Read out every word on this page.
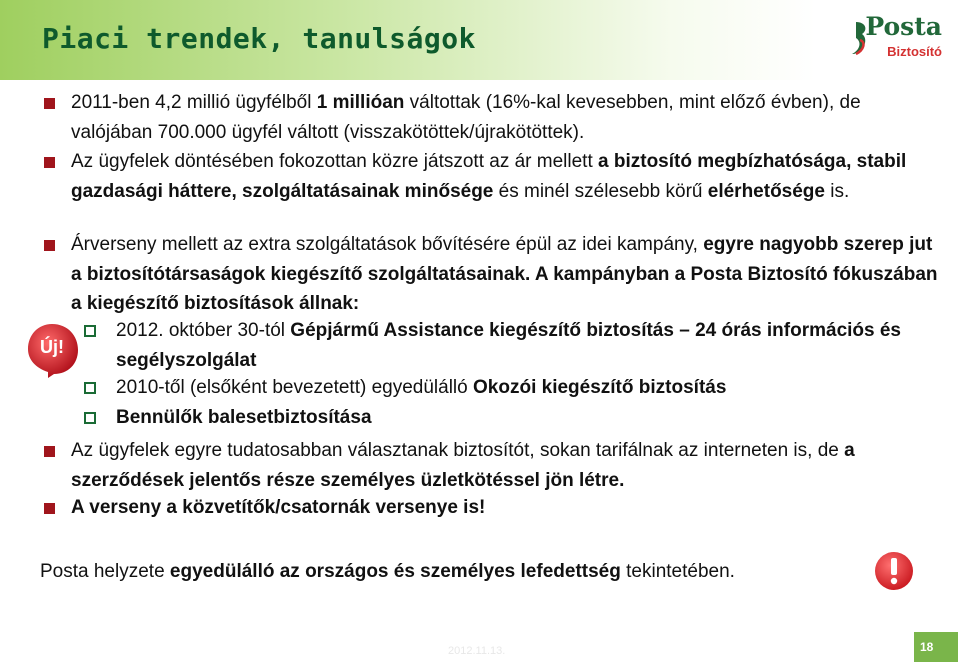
Piaci trendek, tanulságok	Posta
Biztosító
2011-ben 4,2 millió ügyfélből 1 millióan váltottak (16%-kal kevesebben, mint előző évben), de valójában 700.000 ügyfél váltott (visszakötöttek/újrakötöttek).
Az ügyfelek döntésében fokozottan közre játszott az ár mellett a biztosító megbízhatósága, stabil gazdasági háttere, szolgáltatásainak minősége és minél szélesebb körű elérhetősége is.
Árverseny mellett az extra szolgáltatások bővítésére épül az idei kampány, egyre nagyobb szerep jut a biztosítótársaságok kiegészítő szolgáltatásainak. A kampányban a Posta Biztosító fókuszában a kiegészítő biztosítások állnak:
2012. október 30-tól Gépjármű Assistance kiegészítő biztosítás – 24 órás információs és segélyszolgálat
2010-től (elsőként bevezetett) egyedülálló Okozói kiegészítő biztosítás
Bennülők balesetbiztosítása
Az ügyfelek egyre tudatosabban választanak biztosítót, sokan tarifálnak az interneten is, de a szerződések jelentős része személyes üzletkötéssel jön létre.
A verseny a közvetítők/csatornák versenye is!
Új!
Posta helyzete egyedülálló az országos és személyes lefedettség tekintetében.
2012.11.13.	18
